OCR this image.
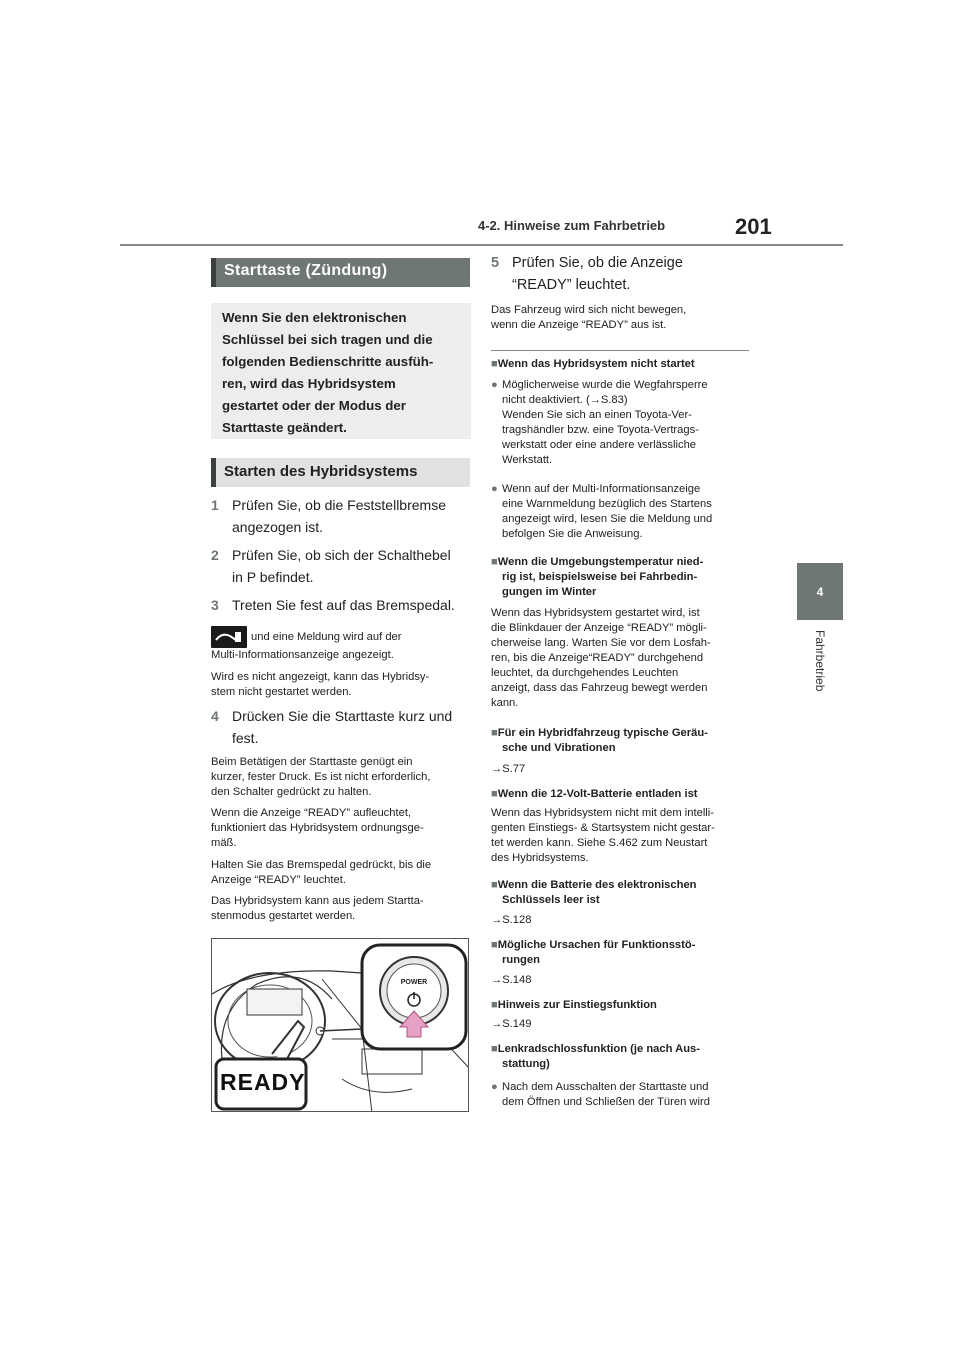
4-2. Hinweise zum Fahrbetrieb	201
4
Fahrbetrieb
Starttaste (Zündung)
Wenn Sie den elektronischen
Schlüssel bei sich tragen und die
folgenden Bedienschritte ausfüh-
ren, wird das Hybridsystem
gestartet oder der Modus der
Starttaste geändert.
Starten des Hybridsystems
1 Prüfen Sie, ob die Feststellbremse
angezogen ist.
2 Prüfen Sie, ob sich der Schalthebel
in P befindet.
3 Treten Sie fest auf das Bremspedal.
und eine Meldung wird auf der
Multi-Informationsanzeige angezeigt.
Wird es nicht angezeigt, kann das Hybridsy-
stem nicht gestartet werden.
4 Drücken Sie die Starttaste kurz und
fest.
Beim Betätigen der Starttaste genügt ein
kurzer, fester Druck. Es ist nicht erforderlich,
den Schalter gedrückt zu halten.
Wenn die Anzeige “READY” aufleuchtet,
funktioniert das Hybridsystem ordnungsge-
mäß.
Halten Sie das Bremspedal gedrückt, bis die
Anzeige “READY” leuchtet.
Das Hybridsystem kann aus jedem Startta-
stenmodus gestartet werden.
POWER
READY
5 Prüfen Sie, ob die Anzeige
“READY” leuchtet.
Das Fahrzeug wird sich nicht bewegen,
wenn die Anzeige “READY” aus ist.
■Wenn das Hybridsystem nicht startet
● Möglicherweise wurde die Wegfahrsperre
nicht deaktiviert. (→S.83)
Wenden Sie sich an einen Toyota-Ver-
tragshändler bzw. eine Toyota-Vertrags-
werkstatt oder eine andere verlässliche
Werkstatt.
● Wenn auf der Multi-Informationsanzeige
eine Warnmeldung bezüglich des Startens
angezeigt wird, lesen Sie die Meldung und
befolgen Sie die Anweisung.
■Wenn die Umgebungstemperatur nied-
rig ist, beispielsweise bei Fahrbedin-
gungen im Winter
Wenn das Hybridsystem gestartet wird, ist
die Blinkdauer der Anzeige “READY” mögli-
cherweise lang. Warten Sie vor dem Losfah-
ren, bis die Anzeige“READY” durchgehend
leuchtet, da durchgehendes Leuchten
anzeigt, dass das Fahrzeug bewegt werden
kann.
■Für ein Hybridfahrzeug typische Geräu-
sche und Vibrationen
→S.77
■Wenn die 12-Volt-Batterie entladen ist
Wenn das Hybridsystem nicht mit dem intelli-
genten Einstiegs- & Startsystem nicht gestar-
tet werden kann. Siehe S.462 zum Neustart
des Hybridsystems.
■Wenn die Batterie des elektronischen
Schlüssels leer ist
→S.128
■Mögliche Ursachen für Funktionsstö-
rungen
→S.148
■Hinweis zur Einstiegsfunktion
→S.149
■Lenkradschlossfunktion (je nach Aus-
stattung)
● Nach dem Ausschalten der Starttaste und
dem Öffnen und Schließen der Türen wird
